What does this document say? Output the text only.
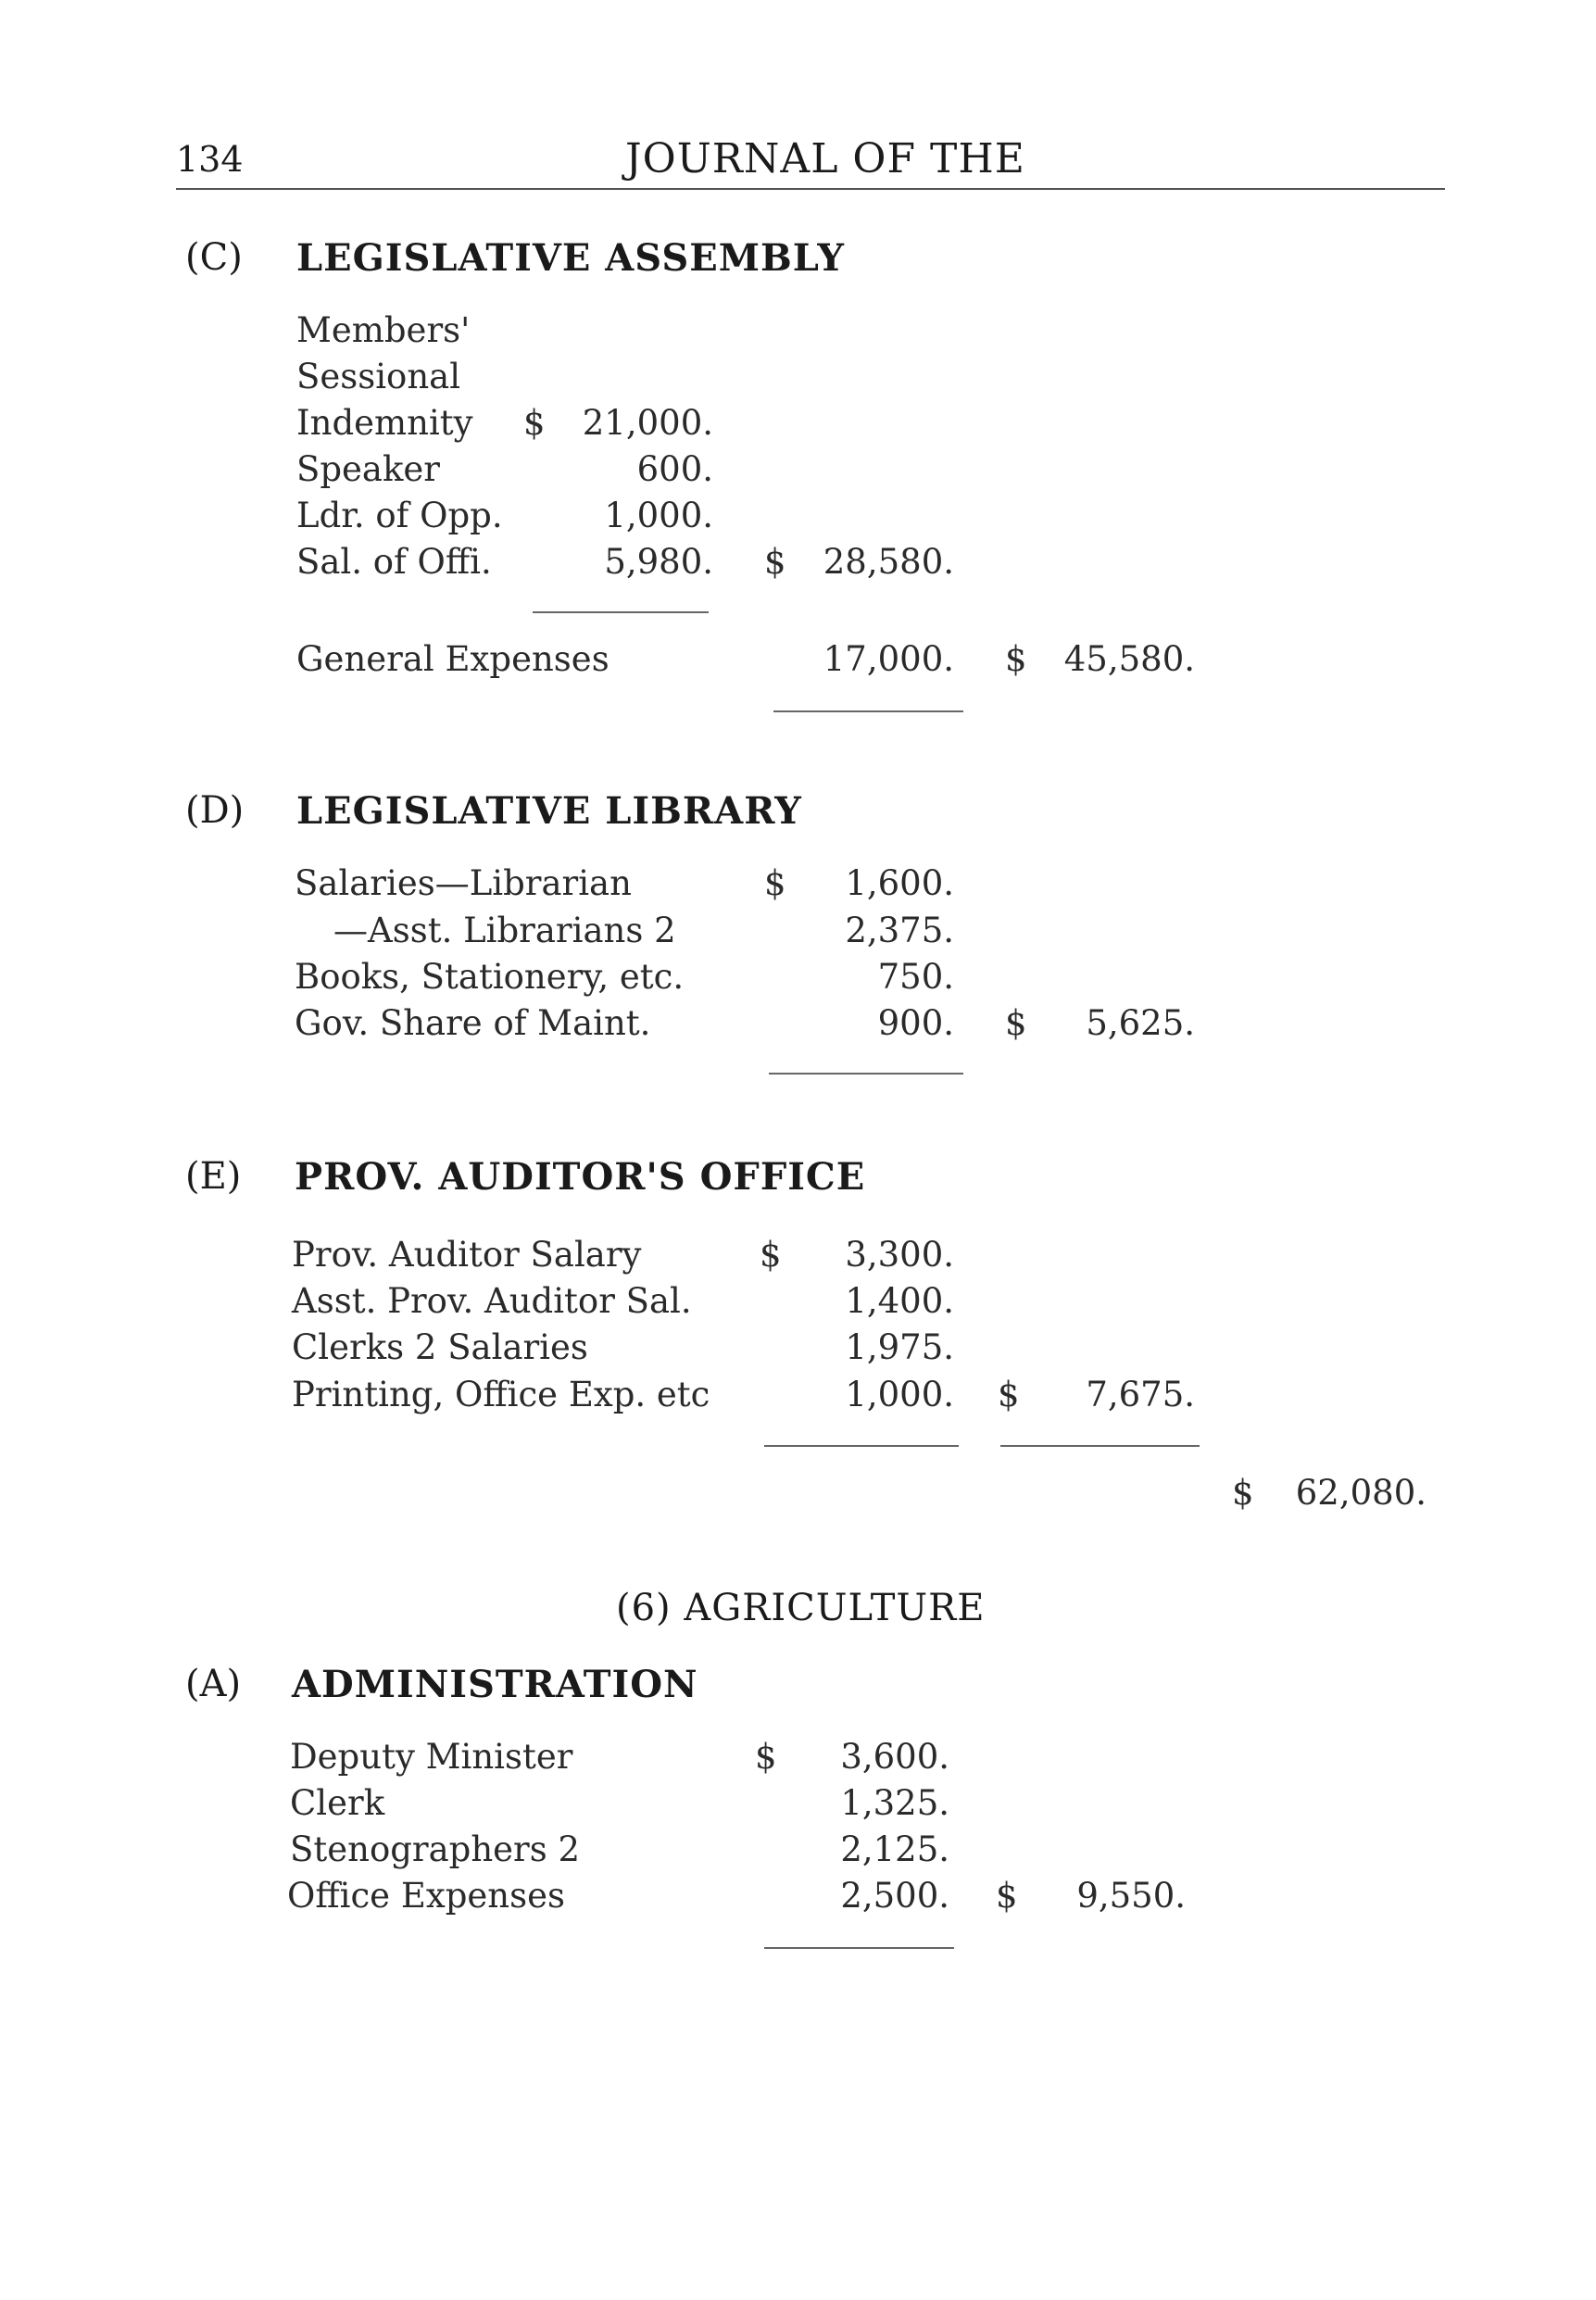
134	JOURNAL OF THE
(C) LEGISLATIVE ASSEMBLY
Members'
Sessional
Indemnity $ 21,000.
Speaker	600.
Ldr. of Opp.	1,000.
Sal. of Offi.	5,980. $ 28,580.
General Expenses	17,000. $ 45,580.
(D) LEGISLATIVE LIBRARY
Salaries—Librarian	$	1,600.
—Asst. Librarians 2	2,375.
Books, Stationery, etc.	750.
Gov. Share of Maint.	900. $	5,625.
(E) PROV. AUDITOR'S OFFICE
Prov. Auditor Salary	$	3,300.
Asst. Prov. Auditor Sal.	1,400.
Clerks 2 Salaries	1,975.
Printing, Office Exp. etc	1,000. $	7,675.
$	62,080.
(6) AGRICULTURE
(A) ADMINISTRATION
Deputy Minister	$	3,600.
Clerk	1,325.
Stenographers 2	2,125.
Office Expenses	2,500. $	9,550.
